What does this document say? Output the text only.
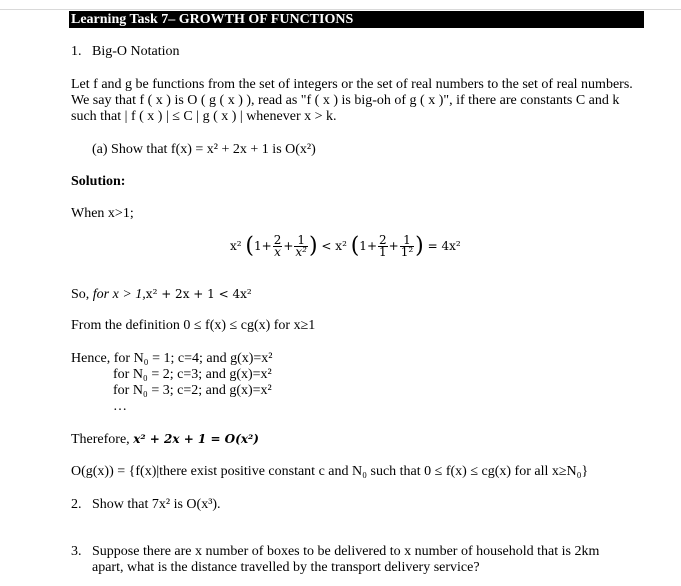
Learning Task 7– GROWTH OF FUNCTIONS
1. Big-O Notation
Let f and g be functions from the set of integers or the set of real numbers to the set of real numbers.
We say that f ( x ) is O ( g ( x ) ), read as "f ( x ) is big-oh of g ( x )", if there are constants C and k
such that | f ( x ) | ≤ C | g ( x ) | whenever x > k.
(a) Show that f(x) = x² + 2x + 1 is O(x²)
Solution:
When x>1;
x² ($1+ \frac{2}{x} + \frac{1}{\text{x²}}$ ) < x² ($1+ \frac{2}{1} + \frac{1}{\text{1²}}$ ) = 4x²
So, for x > 1,x² + 2x + 1 < 4x²
From the definition 0 ≤ f(x) ≤ cg(x) for x≥1
Hence, for N₀ = 1; c=4; and g(x)=x²
for N₀ = 2; c=3; and g(x)=x²
for N₀ = 3; c=2; and g(x)=x²
…
Therefore, x² + 2x + 1 = O(x²)
O(g(x)) = {f(x)|there exist positive constant c and N₀ such that 0 ≤ f(x) ≤ cg(x) for all x≥N₀}
2. Show that 7x² is O(x³).
3. Suppose there are x number of boxes to be delivered to x number of household that is 2km
apart, what is the distance travelled by the transport delivery service?
